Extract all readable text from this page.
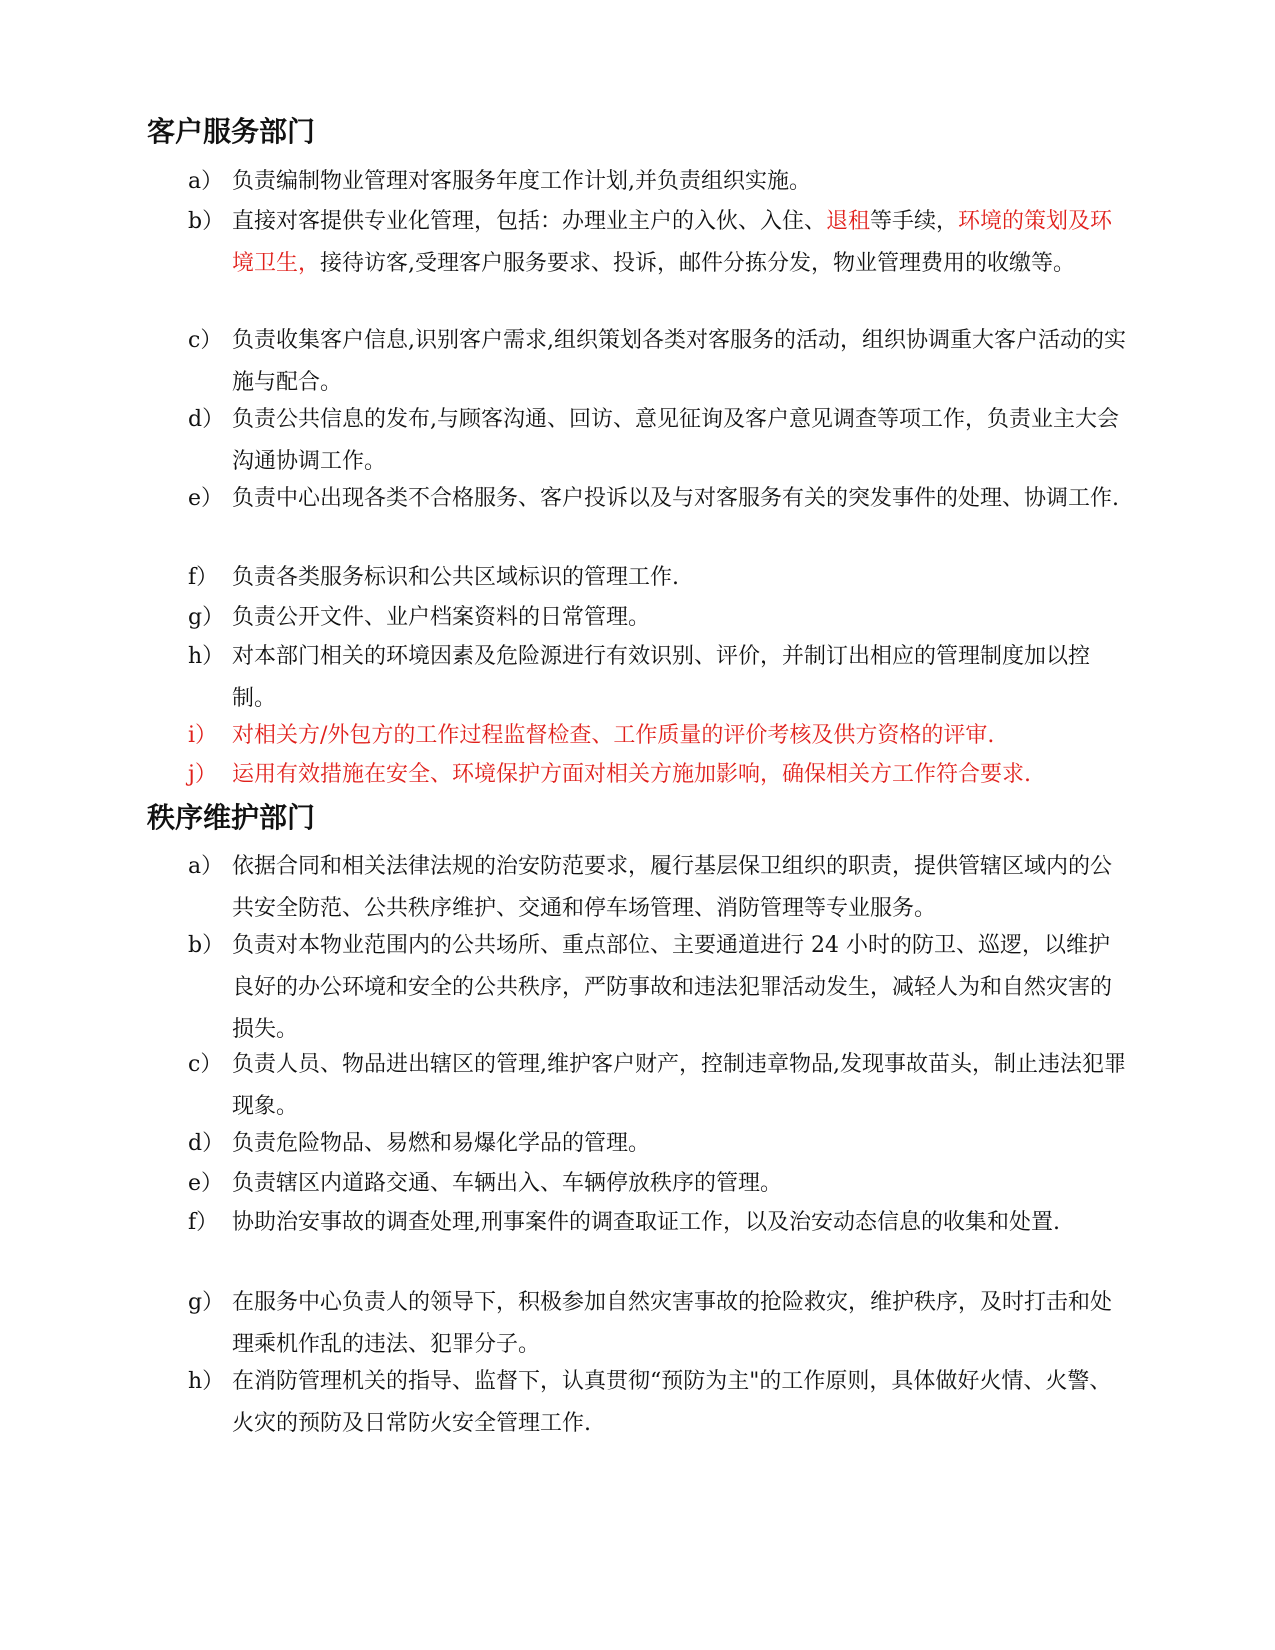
客户服务部门
a） 负责编制物业管理对客服务年度工作计划,并负责组织实施。
b） 直接对客提供专业化管理，包括：办理业主户的入伙、入住、退租等手续，环境的策划及环境卫生，接待访客,受理客户服务要求、投诉，邮件分拣分发，物业管理费用的收缴等。
c） 负责收集客户信息,识别客户需求,组织策划各类对客服务的活动，组织协调重大客户活动的实施与配合。
d） 负责公共信息的发布,与顾客沟通、回访、意见征询及客户意见调查等项工作，负责业主大会沟通协调工作。
e） 负责中心出现各类不合格服务、客户投诉以及与对客服务有关的突发事件的处理、协调工作.
f） 负责各类服务标识和公共区域标识的管理工作.
g） 负责公开文件、业户档案资料的日常管理。
h） 对本部门相关的环境因素及危险源进行有效识别、评价，并制订出相应的管理制度加以控制。
i） 对相关方/外包方的工作过程监督检查、工作质量的评价考核及供方资格的评审.
j） 运用有效措施在安全、环境保护方面对相关方施加影响，确保相关方工作符合要求.
秩序维护部门
a） 依据合同和相关法律法规的治安防范要求，履行基层保卫组织的职责，提供管辖区域内的公共安全防范、公共秩序维护、交通和停车场管理、消防管理等专业服务。
b） 负责对本物业范围内的公共场所、重点部位、主要通道进行 24 小时的防卫、巡逻，以维护良好的办公环境和安全的公共秩序，严防事故和违法犯罪活动发生，减轻人为和自然灾害的损失。
c） 负责人员、物品进出辖区的管理,维护客户财产，控制违章物品,发现事故苗头，制止违法犯罪现象。
d） 负责危险物品、易燃和易爆化学品的管理。
e） 负责辖区内道路交通、车辆出入、车辆停放秩序的管理。
f） 协助治安事故的调查处理,刑事案件的调查取证工作，以及治安动态信息的收集和处置.
g） 在服务中心负责人的领导下，积极参加自然灾害事故的抢险救灾，维护秩序，及时打击和处理乘机作乱的违法、犯罪分子。
h） 在消防管理机关的指导、监督下，认真贯彻“预防为主"的工作原则，具体做好火情、火警、火灾的预防及日常防火安全管理工作.
